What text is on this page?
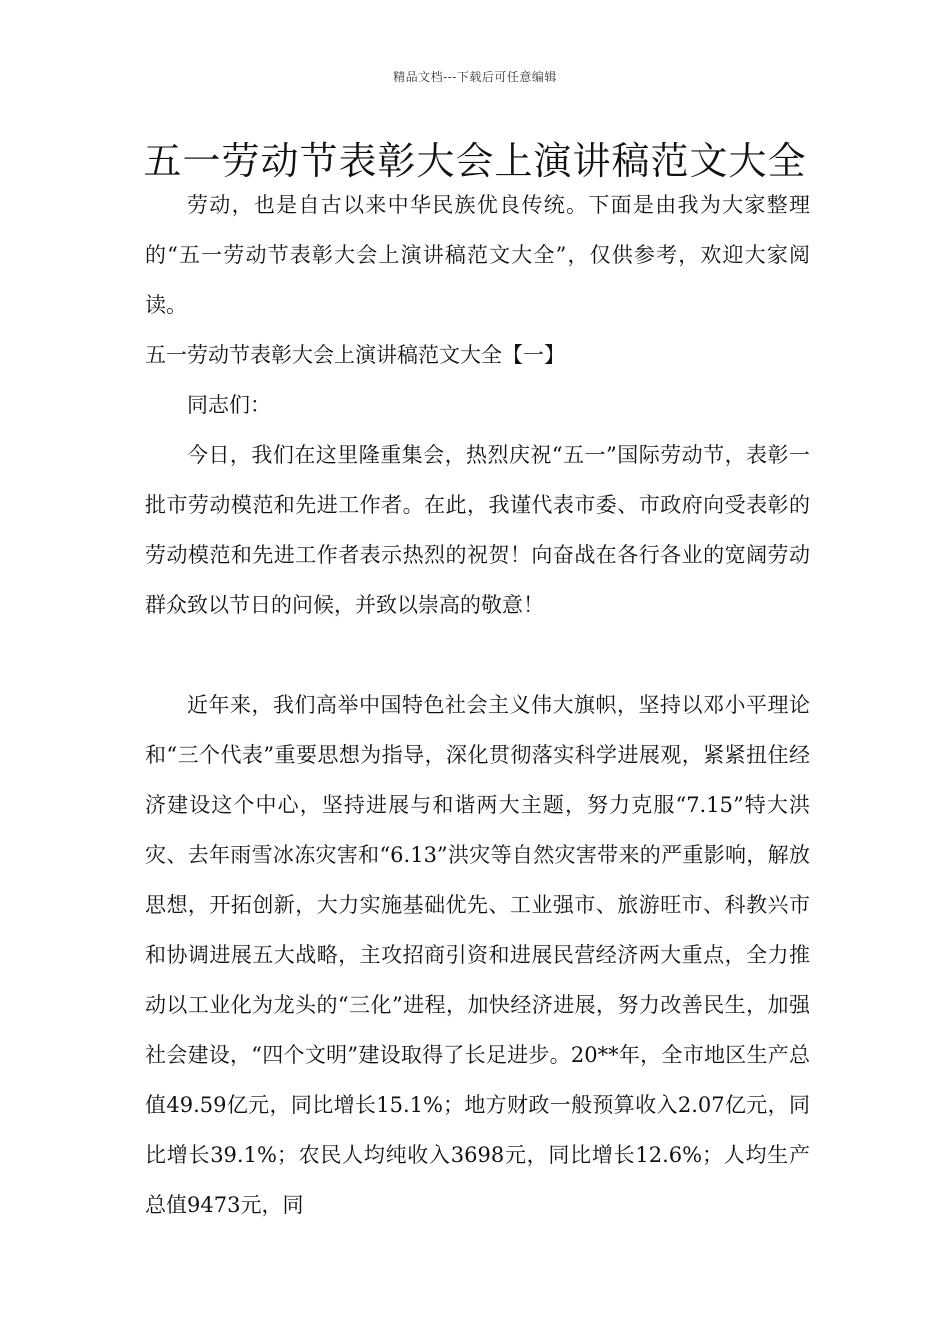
精品文档---下载后可任意编辑
五一劳动节表彰大会上演讲稿范文大全

劳动，也是自古以来中华民族优良传统。下面是由我为大家整理的“五一劳动节表彰大会上演讲稿范文大全”，仅供参考，欢迎大家阅读。

五一劳动节表彰大会上演讲稿范文大全【一】

同志们：

今日，我们在这里隆重集会，热烈庆祝“五一”国际劳动节，表彰一批市劳动模范和先进工作者。在此，我谨代表市委、市政府向受表彰的劳动模范和先进工作者表示热烈的祝贺！向奋战在各行各业的宽阔劳动群众致以节日的问候，并致以崇高的敬意！

近年来，我们高举中国特色社会主义伟大旗帜，坚持以邓小平理论和“三个代表”重要思想为指导，深化贯彻落实科学进展观，紧紧扭住经济建设这个中心，坚持进展与和谐两大主题，努力克服“7.15”特大洪灾、去年雨雪冰冻灾害和“6.13”洪灾等自然灾害带来的严重影响，解放思想，开拓创新，大力实施基础优先、工业强市、旅游旺市、科教兴市和协调进展五大战略，主攻招商引资和进展民营经济两大重点，全力推动以工业化为龙头的“三化”进程，加快经济进展，努力改善民生，加强社会建设，“四个文明”建设取得了长足进步。20**年，全市地区生产总值49.59亿元，同比增长15.1%；地方财政一般预算收入2.07亿元，同比增长39.1%；农民人均纯收入3698元，同比增长12.6%；人均生产总值9473元，同
